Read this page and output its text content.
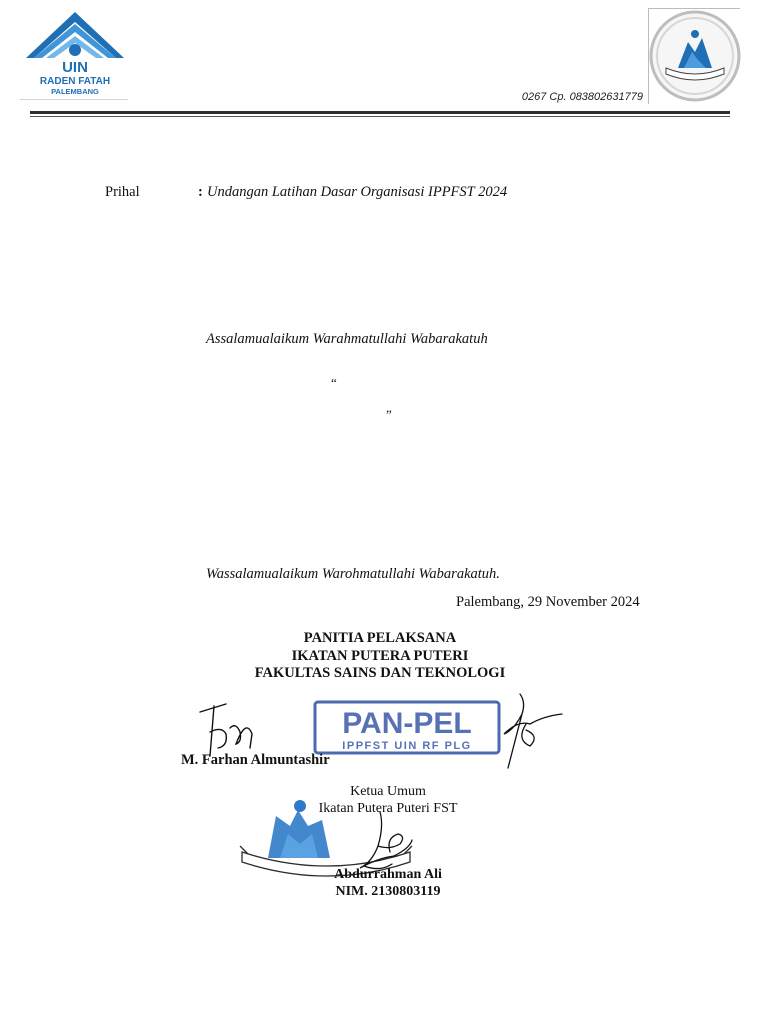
UIN
RADEN FATAH
PALEMBANG	0267 Cp. 083802631779
Prihal	: Undangan Latihan Dasar Organisasi IPPFST 2024
Assalamualaikum Warahmatullahi Wabarakatuh
“
”
Wassalamualaikum Warohmatullahi Wabarakatuh.
Palembang, 29 November 2024
PANITIA PELAKSANA
IKATAN PUTERA PUTERI
FAKULTAS SAINS DAN TEKNOLOGI
PAN-PEL
IPPFST UIN RF PLG
M. Farhan Almuntashir
Ketua Umum
Ikatan Putera Puteri FST
Abdurrahman Ali
NIM. 2130803119
